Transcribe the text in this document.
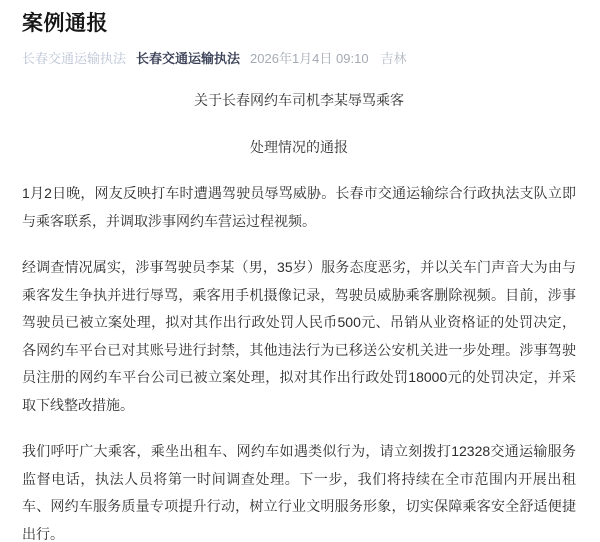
案例通报
长春交通运输执法 长春交通运输执法 2026年1月4日 09:10 吉林
关于长春网约车司机李某辱骂乘客
处理情况的通报

1月2日晚，网友反映打车时遭遇驾驶员辱骂威胁。长春市交通运输综合行政执法支队立即与乘客联系，并调取涉事网约车营运过程视频。

经调查情况属实，涉事驾驶员李某（男，35岁）服务态度恶劣，并以关车门声音大为由与乘客发生争执并进行辱骂，乘客用手机摄像记录，驾驶员威胁乘客删除视频。目前，涉事驾驶员已被立案处理，拟对其作出行政处罚人民币500元、吊销从业资格证的处罚决定，各网约车平台已对其账号进行封禁，其他违法行为已移送公安机关进一步处理。涉事驾驶员注册的网约车平台公司已被立案处理，拟对其作出行政处罚18000元的处罚决定，并采取下线整改措施。

我们呼吁广大乘客，乘坐出租车、网约车如遇类似行为，请立刻拨打12328交通运输服务监督电话，执法人员将第一时间调查处理。下一步，我们将持续在全市范围内开展出租车、网约车服务质量专项提升行动，树立行业文明服务形象，切实保障乘客安全舒适便捷出行。
